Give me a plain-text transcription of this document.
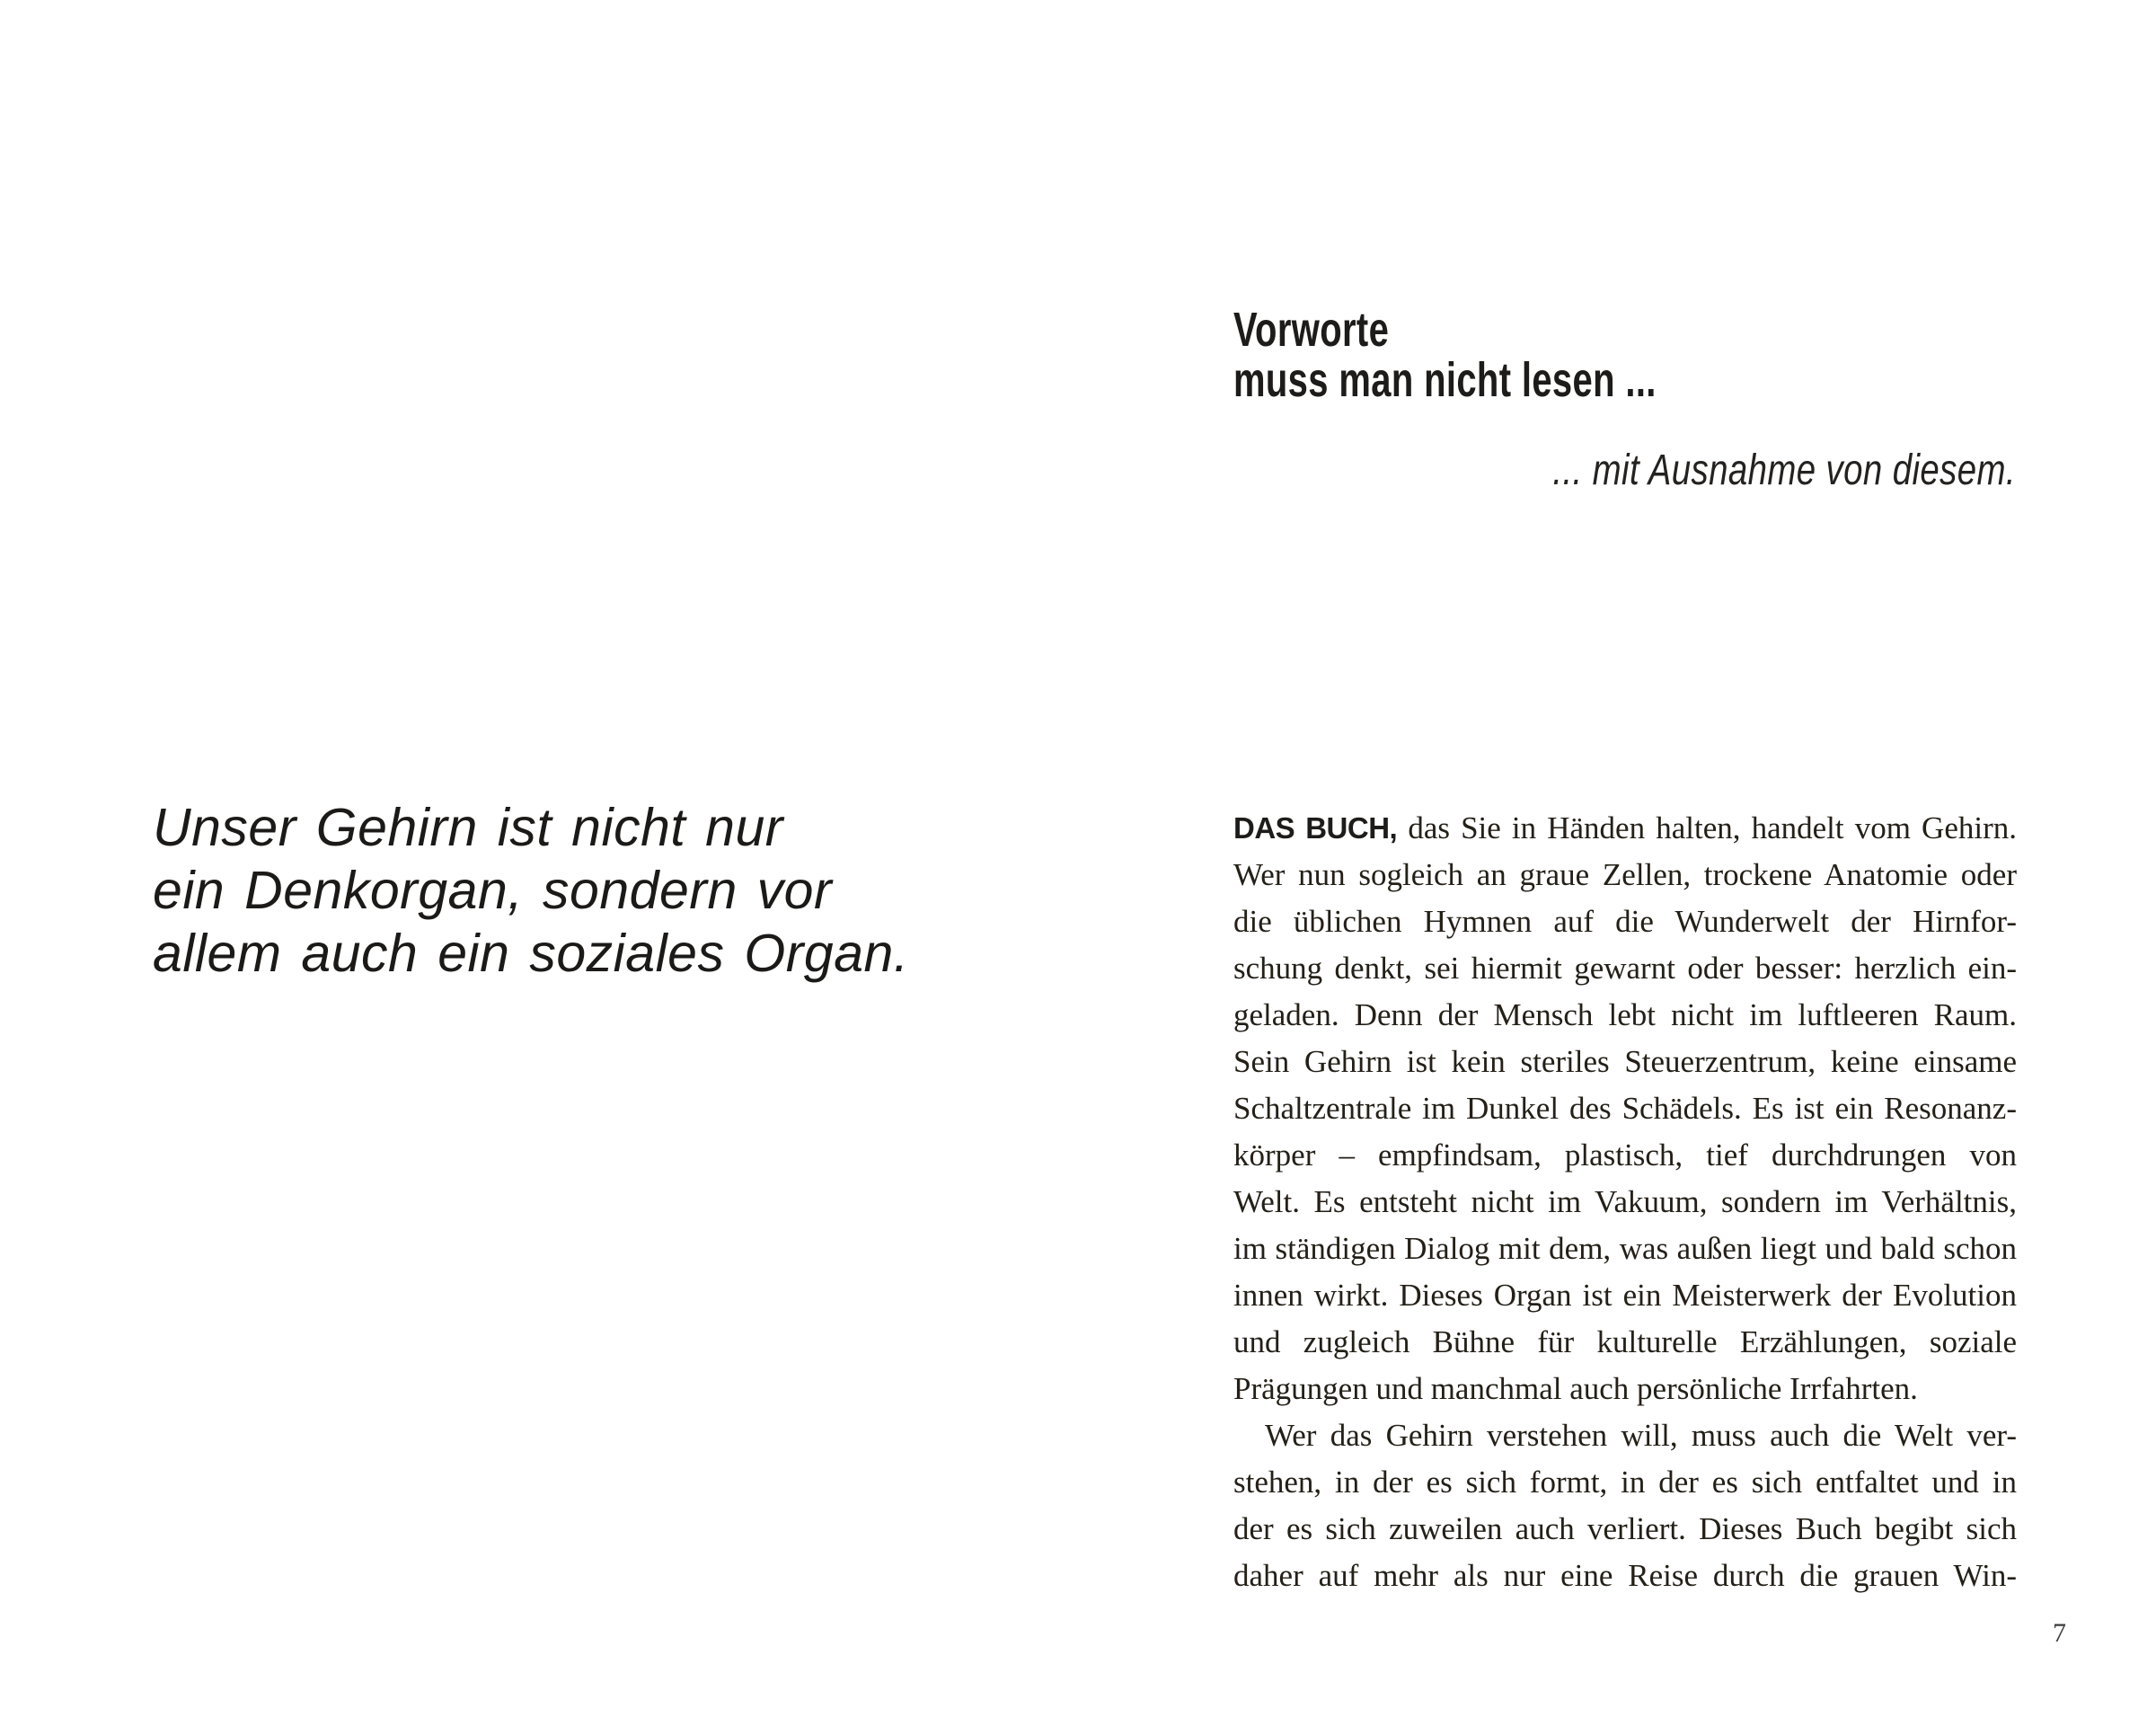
Unser Gehirn ist nicht nur
ein Denkorgan, sondern vor
allem auch ein soziales Organ.
Vorworte
muss man nicht lesen ...

... mit Ausnahme von diesem.

DAS BUCH, das Sie in Händen halten, handelt vom Gehirn.
Wer nun sogleich an graue Zellen, trockene Anatomie oder
die üblichen Hymnen auf die Wunderwelt der Hirnfor-
schung denkt, sei hiermit gewarnt oder besser: herzlich ein-
geladen. Denn der Mensch lebt nicht im luftleeren Raum.
Sein Gehirn ist kein steriles Steuerzentrum, keine einsame
Schaltzentrale im Dunkel des Schädels. Es ist ein Resonanz-
körper – empfindsam, plastisch, tief durchdrungen von
Welt. Es entsteht nicht im Vakuum, sondern im Verhältnis,
im ständigen Dialog mit dem, was außen liegt und bald schon
innen wirkt. Dieses Organ ist ein Meisterwerk der Evolution
und zugleich Bühne für kulturelle Erzählungen, soziale
Prägungen und manchmal auch persönliche Irrfahrten.
Wer das Gehirn verstehen will, muss auch die Welt ver-
stehen, in der es sich formt, in der es sich entfaltet und in
der es sich zuweilen auch verliert. Dieses Buch begibt sich
daher auf mehr als nur eine Reise durch die grauen Win-
7
